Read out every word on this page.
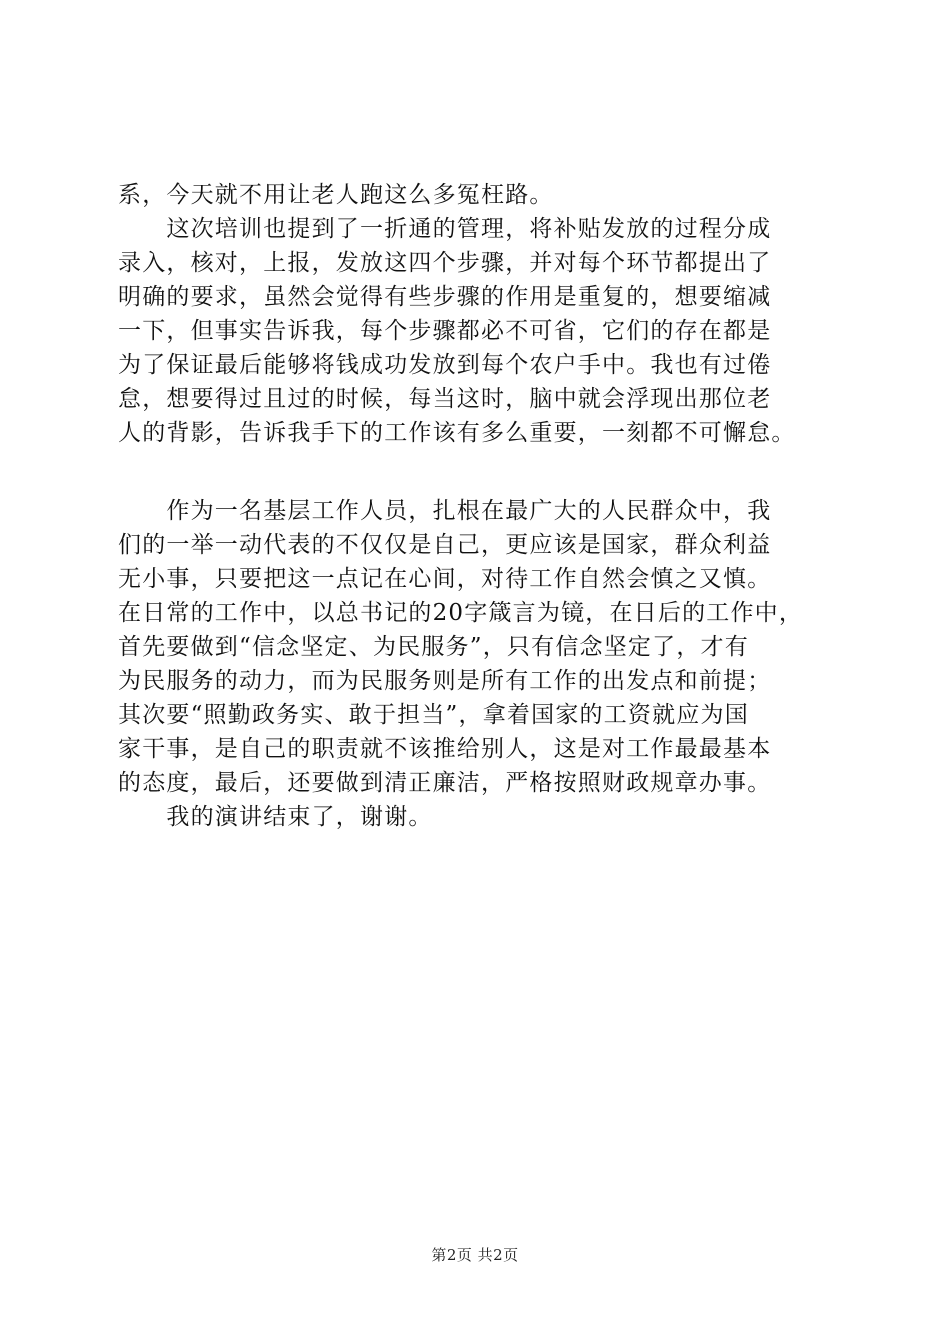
系，今天就不用让老人跑这么多冤枉路。
　　这次培训也提到了一折通的管理，将补贴发放的过程分成
录入，核对，上报，发放这四个步骤，并对每个环节都提出了
明确的要求，虽然会觉得有些步骤的作用是重复的，想要缩减
一下，但事实告诉我，每个步骤都必不可省，它们的存在都是
为了保证最后能够将钱成功发放到每个农户手中。我也有过倦
怠，想要得过且过的时候，每当这时，脑中就会浮现出那位老
人的背影，告诉我手下的工作该有多么重要，一刻都不可懈怠。
　　作为一名基层工作人员，扎根在最广大的人民群众中，我
们的一举一动代表的不仅仅是自己，更应该是国家，群众利益
无小事，只要把这一点记在心间，对待工作自然会慎之又慎。
在日常的工作中，以总书记的20字箴言为镜，在日后的工作中，
首先要做到“信念坚定、为民服务”，只有信念坚定了，才有
为民服务的动力，而为民服务则是所有工作的出发点和前提；
其次要“照勤政务实、敢于担当”，拿着国家的工资就应为国
家干事，是自己的职责就不该推给别人，这是对工作最最基本
的态度，最后，还要做到清正廉洁，严格按照财政规章办事。
　　我的演讲结束了，谢谢。
第2页 共2页
